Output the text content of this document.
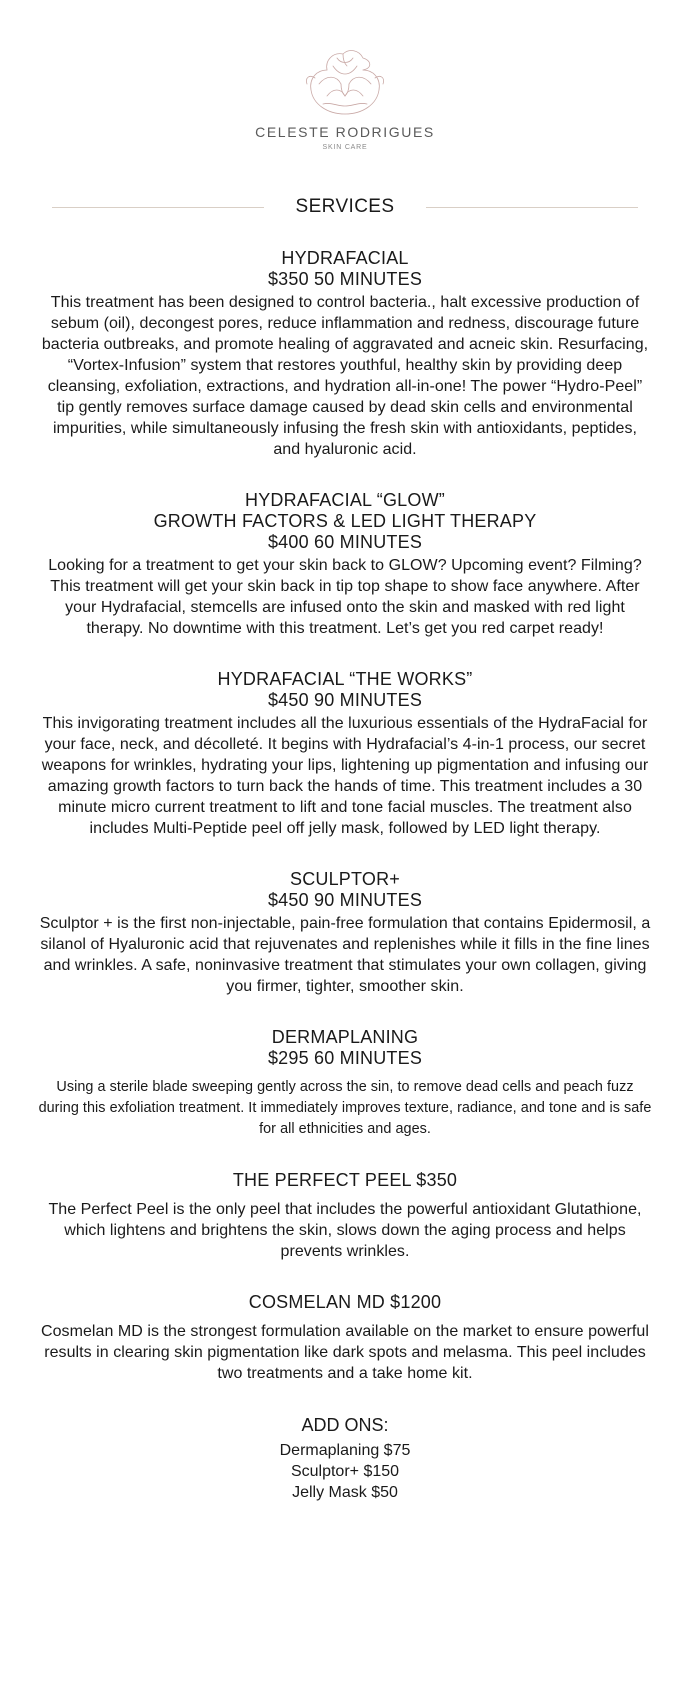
CELESTE RODRIGUES
SKIN CARE
SERVICES
HYDRAFACIAL
$350 50 MINUTES

This treatment has been designed to control bacteria., halt excessive production of sebum (oil), decongest pores, reduce inflammation and redness, discourage future bacteria outbreaks, and promote healing of aggravated and acneic skin. Resurfacing, “Vortex-Infusion” system that restores youthful, healthy skin by providing deep cleansing, exfoliation, extractions, and hydration all-in-one! The power “Hydro-Peel” tip gently removes surface damage caused by dead skin cells and environmental impurities, while simultaneously infusing the fresh skin with antioxidants, peptides, and hyaluronic acid.

HYDRAFACIAL “GLOW”
GROWTH FACTORS & LED LIGHT THERAPY
$400 60 MINUTES

Looking for a treatment to get your skin back to GLOW? Upcoming event? Filming? This treatment will get your skin back in tip top shape to show face anywhere. After your Hydrafacial, stemcells are infused onto the skin and masked with red light therapy. No downtime with this treatment. Let’s get you red carpet ready!

HYDRAFACIAL “THE WORKS”
$450 90 MINUTES

This invigorating treatment includes all the luxurious essentials of the HydraFacial for your face, neck, and décolleté. It begins with Hydrafacial’s 4-in-1 process, our secret weapons for wrinkles, hydrating your lips, lightening up pigmentation and infusing our amazing growth factors to turn back the hands of time. This treatment includes a 30 minute micro current treatment to lift and tone facial muscles. The treatment also includes Multi-Peptide peel off jelly mask, followed by LED light therapy.

SCULPTOR+
$450 90 MINUTES

Sculptor + is the first non-injectable, pain-free formulation that contains Epidermosil, a silanol of Hyaluronic acid that rejuvenates and replenishes while it fills in the fine lines and wrinkles. A safe, noninvasive treatment that stimulates your own collagen, giving you firmer, tighter, smoother skin.

DERMAPLANING
$295 60 MINUTES

Using a sterile blade sweeping gently across the sin, to remove dead cells and peach fuzz during this exfoliation treatment. It immediately improves texture, radiance, and tone and is safe for all ethnicities and ages.

THE PERFECT PEEL $350

The Perfect Peel is the only peel that includes the powerful antioxidant Glutathione, which lightens and brightens the skin, slows down the aging process and helps prevents wrinkles.

COSMELAN MD $1200

Cosmelan MD is the strongest formulation available on the market to ensure powerful results in clearing skin pigmentation like dark spots and melasma. This peel includes two treatments and a take home kit.

ADD ONS:
Dermaplaning $75
Sculptor+ $150
Jelly Mask $50
